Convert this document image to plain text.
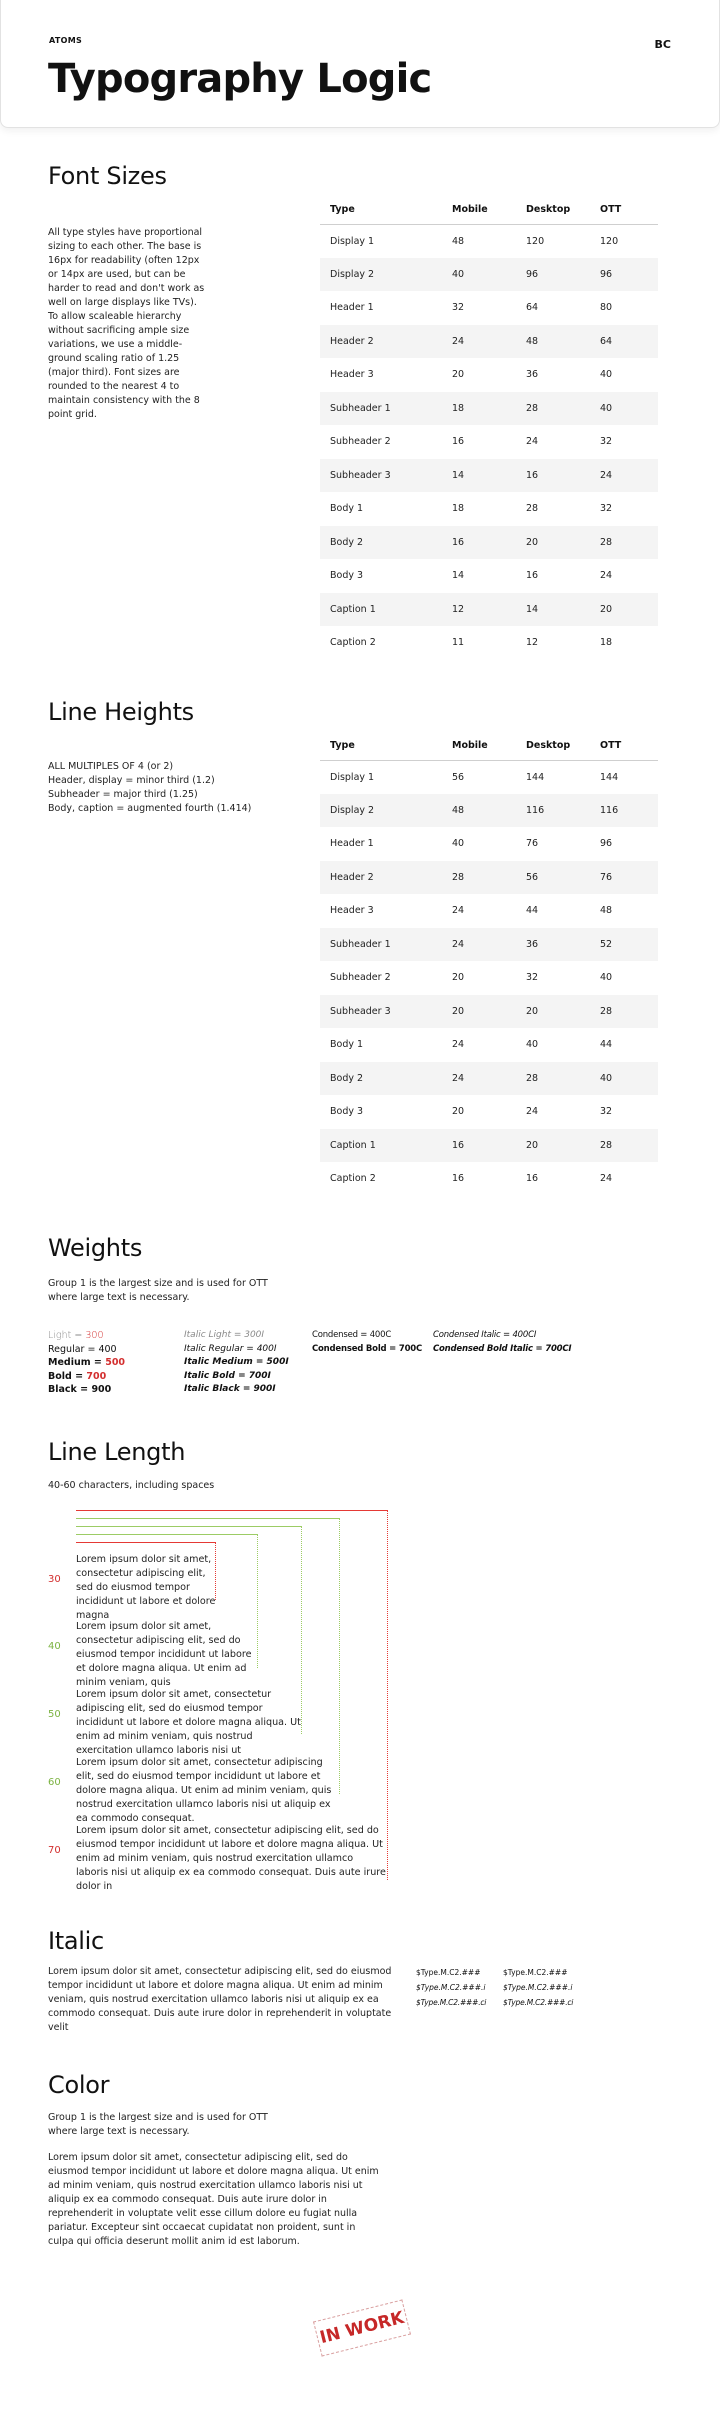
ATOMS	BC
Typography Logic
Font Sizes

All type styles have proportional sizing to each other. The base is 16px for readability (often 12px or 14px are used, but can be harder to read and don't work as well on large displays like TVs). To allow scaleable hierarchy without sacrificing ample size variations, we use a middle-ground scaling ratio of 1.25 (major third). Font sizes are rounded to the nearest 4 to maintain consistency with the 8 point grid.

Type	Mobile	Desktop	OTT
Display 1	48	120	120
Display 2	40	96	96
Header 1	32	64	80
Header 2	24	48	64
Header 3	20	36	40
Subheader 1	18	28	40
Subheader 2	16	24	32
Subheader 3	14	16	24
Body 1	18	28	32
Body 2	16	20	28
Body 3	14	16	24
Caption 1	12	14	20
Caption 2	11	12	18
Line Heights
ALL MULTIPLES OF 4 (or 2)
Header, display = minor third (1.2)
Subheader = major third (1.25)
Body, caption = augmented fourth (1.414)
Type	Mobile	Desktop	OTT
Display 1	56	144	144
Display 2	48	116	116
Header 1	40	76	96
Header 2	28	56	76
Header 3	24	44	48
Subheader 1	24	36	52
Subheader 2	20	32	40
Subheader 3	20	20	28
Body 1	24	40	44
Body 2	24	28	40
Body 3	20	24	32
Caption 1	16	20	28
Caption 2	16	16	24
Weights

Group 1 is the largest size and is used for OTT where large text is necessary.

Light = 300
Regular = 400
Medium = 500
Bold = 700
Black = 900
Italic Light = 300I
Italic Regular = 400I
Italic Medium = 500I
Italic Bold = 700I
Italic Black = 900I
Condensed = 400C
Condensed Bold = 700C
Condensed Italic = 400CI
Condensed Bold Italic = 700CI
Line Length

40-60 characters, including spaces

30

Lorem ipsum dolor sit amet, consectetur adipiscing elit, sed do eiusmod tempor incididunt ut labore et dolore magna

40

Lorem ipsum dolor sit amet, consectetur adipiscing elit, sed do eiusmod tempor incididunt ut labore et dolore magna aliqua. Ut enim ad minim veniam, quis

50

Lorem ipsum dolor sit amet, consectetur adipiscing elit, sed do eiusmod tempor incididunt ut labore et dolore magna aliqua. Ut enim ad minim veniam, quis nostrud exercitation ullamco laboris nisi ut

60

Lorem ipsum dolor sit amet, consectetur adipiscing elit, sed do eiusmod tempor incididunt ut labore et dolore magna aliqua. Ut enim ad minim veniam, quis nostrud exercitation ullamco laboris nisi ut aliquip ex ea commodo consequat.

70

Lorem ipsum dolor sit amet, consectetur adipiscing elit, sed do eiusmod tempor incididunt ut labore et dolore magna aliqua. Ut enim ad minim veniam, quis nostrud exercitation ullamco laboris nisi ut aliquip ex ea commodo consequat. Duis aute irure dolor in

Italic

Lorem ipsum dolor sit amet, consectetur adipiscing elit, sed do eiusmod tempor incididunt ut labore et dolore magna aliqua. Ut enim ad minim veniam, quis nostrud exercitation ullamco laboris nisi ut aliquip ex ea commodo consequat. Duis aute irure dolor in reprehenderit in voluptate velit

$Type.M.C2.###
$Type.M.C2.###.i
$Type.M.C2.###.ci
$Type.M.C2.###
$Type.M.C2.###.i
$Type.M.C2.###.ci
Color

Group 1 is the largest size and is used for OTT where large text is necessary.

Lorem ipsum dolor sit amet, consectetur adipiscing elit, sed do eiusmod tempor incididunt ut labore et dolore magna aliqua. Ut enim ad minim veniam, quis nostrud exercitation ullamco laboris nisi ut aliquip ex ea commodo consequat. Duis aute irure dolor in reprehenderit in voluptate velit esse cillum dolore eu fugiat nulla pariatur. Excepteur sint occaecat cupidatat non proident, sunt in culpa qui officia deserunt mollit anim id est laborum.

IN WORK
